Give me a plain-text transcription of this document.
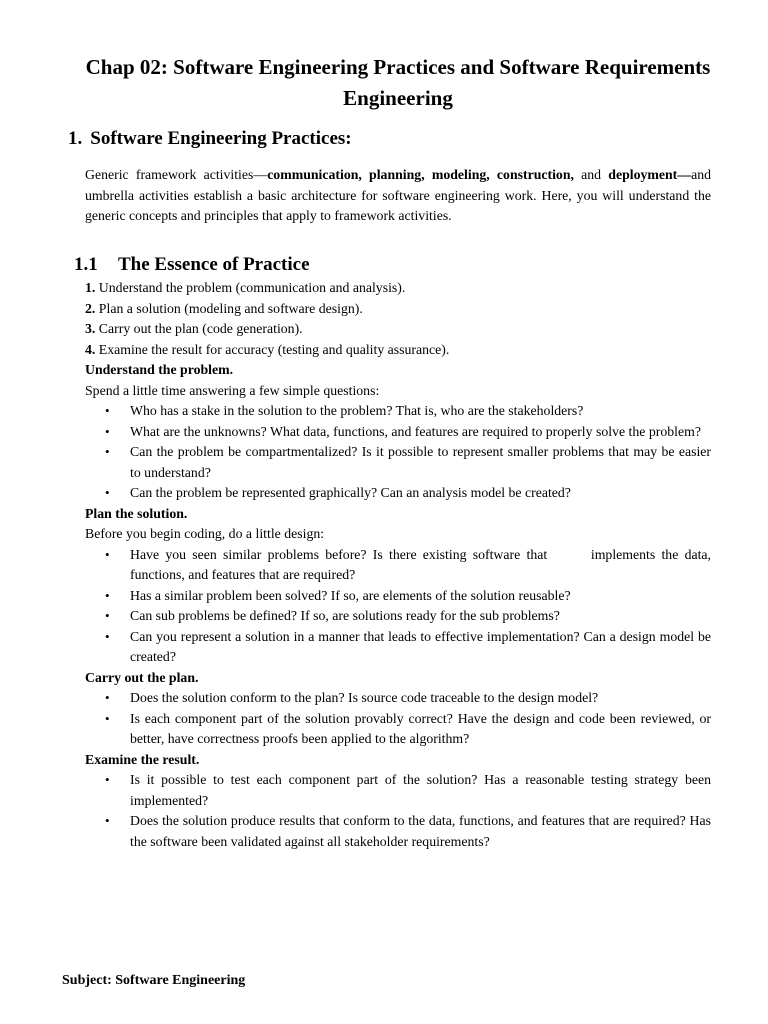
Chap 02: Software Engineering Practices and Software Requirements Engineering
1. Software Engineering Practices:
Generic framework activities—communication, planning, modeling, construction, and deployment—and umbrella activities establish a basic architecture for software engineering work. Here, you will understand the generic concepts and principles that apply to framework activities.
1.1 The Essence of Practice

1. Understand the problem (communication and analysis).

2. Plan a solution (modeling and software design).

3. Carry out the plan (code generation).

4. Examine the result for accuracy (testing and quality assurance).

Understand the problem.

Spend a little time answering a few simple questions:

• Who has a stake in the solution to the problem? That is, who are the stakeholders?
• What are the unknowns? What data, functions, and features are required to properly solve the problem?
• Can the problem be compartmentalized? Is it possible to represent smaller problems that may be easier to understand?
• Can the problem be represented graphically? Can an analysis model be created?

Plan the solution.

Before you begin coding, do a little design:

• Have you seen similar problems before? Is there existing software that       implements the data, functions, and features that are required?
• Has a similar problem been solved? If so, are elements of the solution reusable?
• Can sub problems be defined? If so, are solutions ready for the sub problems?
• Can you represent a solution in a manner that leads to effective implementation? Can a design model be created?

Carry out the plan.

• Does the solution conform to the plan? Is source code traceable to the design model?
• Is each component part of the solution provably correct? Have the design and code been reviewed, or better, have correctness proofs been applied to the algorithm?

Examine the result.

• Is it possible to test each component part of the solution? Has a reasonable testing strategy been implemented?
• Does the solution produce results that conform to the data, functions, and features that are required? Has the software been validated against all stakeholder requirements?
Subject: Software Engineering
